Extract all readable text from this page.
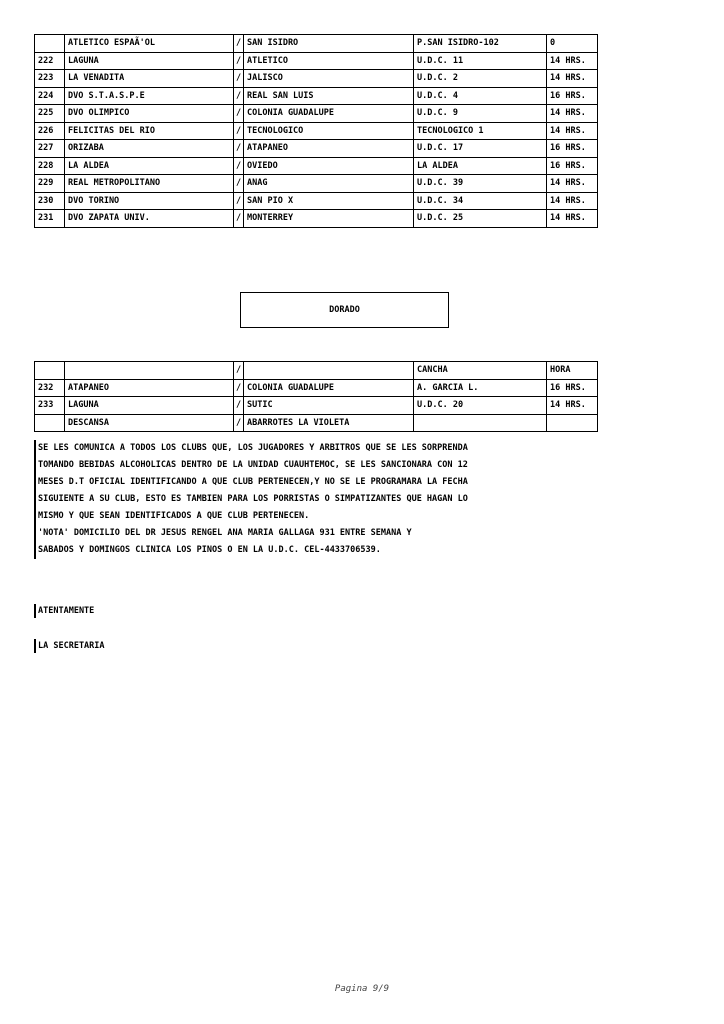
	ATLETICO ESPAÃ'OL	/	SAN ISIDRO	P.SAN ISIDRO-102	0
222	LAGUNA	/	ATLETICO	U.D.C. 11	14 HRS.
223	LA VENADITA	/	JALISCO	U.D.C. 2	14 HRS.
224	DVO S.T.A.S.P.E	/	REAL SAN LUIS	U.D.C. 4	16 HRS.
225	DVO OLIMPICO	/	COLONIA GUADALUPE	U.D.C. 9	14 HRS.
226	FELICITAS DEL RIO	/	TECNOLOGICO	TECNOLOGICO 1	14 HRS.
227	ORIZABA	/	ATAPANEO	U.D.C. 17	16 HRS.
228	LA ALDEA	/	OVIEDO	LA ALDEA	16 HRS.
229	REAL METROPOLITANO	/	ANAG	U.D.C. 39	14 HRS.
230	DVO TORINO	/	SAN PIO X	U.D.C. 34	14 HRS.
231	DVO ZAPATA UNIV.	/	MONTERREY	U.D.C. 25	14 HRS.
DORADO
		/		CANCHA	HORA
232	ATAPANEO	/	COLONIA GUADALUPE	A. GARCIA L.	16 HRS.
233	LAGUNA	/	SUTIC	U.D.C. 20	14 HRS.
	DESCANSA	/	ABARROTES LA VIOLETA		
SE LES COMUNICA A TODOS LOS CLUBS QUE, LOS JUGADORES Y ARBITROS QUE SE LES SORPRENDA
TOMANDO BEBIDAS ALCOHOLICAS DENTRO DE LA UNIDAD CUAUHTEMOC, SE LES SANCIONARA CON 12
MESES D.T OFICIAL IDENTIFICANDO A QUE CLUB PERTENECEN,Y NO SE LE PROGRAMARA LA FECHA
SIGUIENTE A SU CLUB, ESTO ES TAMBIEN PARA LOS PORRISTAS O SIMPATIZANTES QUE HAGAN LO
MISMO Y QUE SEAN IDENTIFICADOS A QUE CLUB PERTENECEN.
'NOTA' DOMICILIO DEL DR JESUS RENGEL ANA MARIA GALLAGA 931 ENTRE SEMANA Y
SABADOS Y DOMINGOS CLINICA LOS PINOS O EN LA U.D.C. CEL-4433706539.
ATENTAMENTE
LA SECRETARIA
Pagina 9/9
